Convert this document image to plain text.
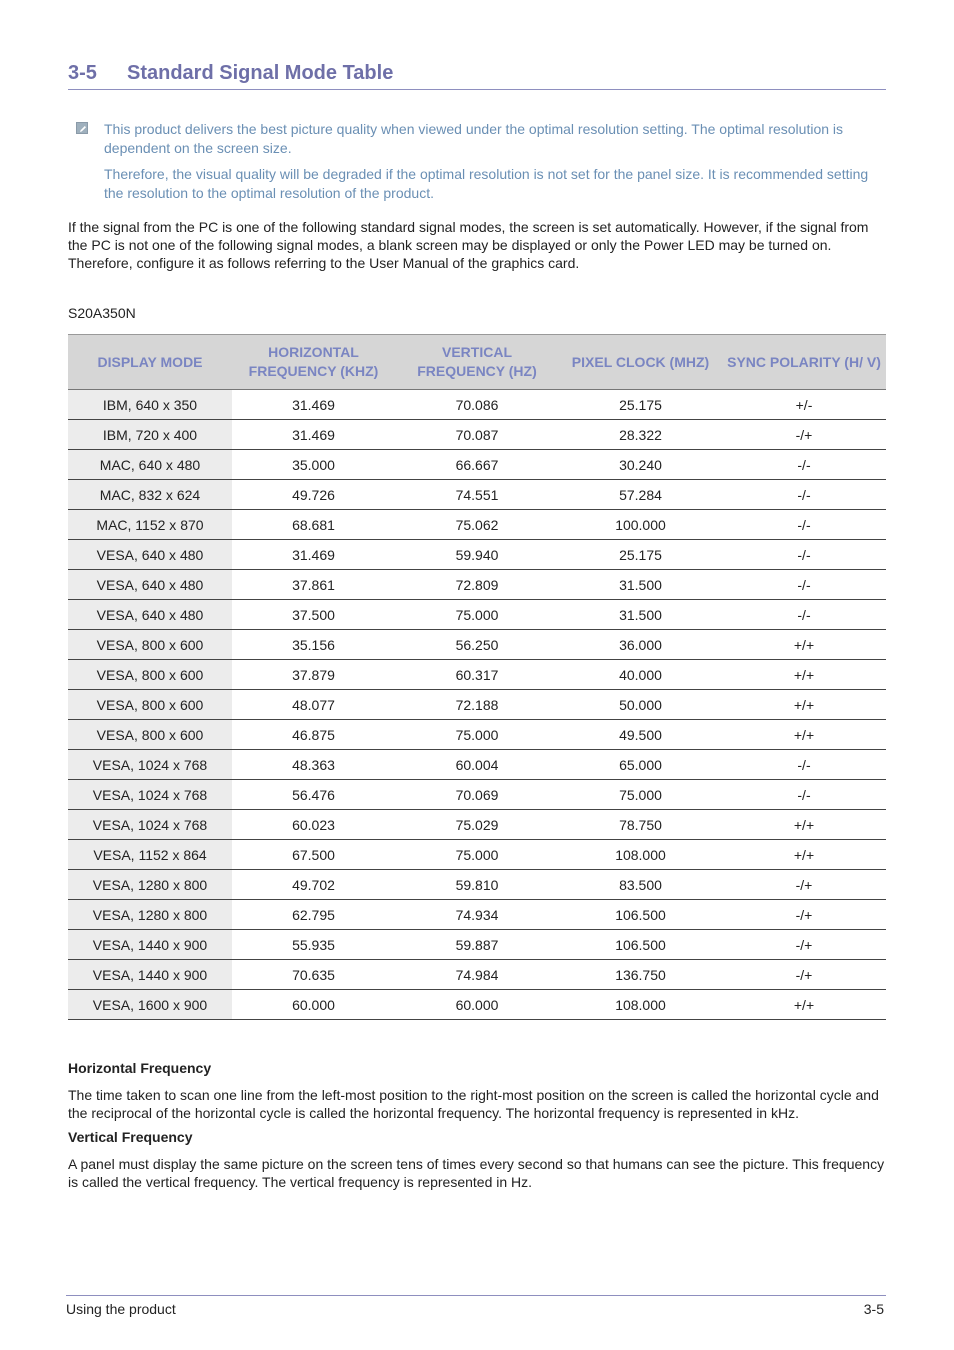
3-5 Standard Signal Mode Table
This product delivers the best picture quality when viewed under the optimal resolution setting. The optimal resolution is dependent on the screen size.
Therefore, the visual quality will be degraded if the optimal resolution is not set for the panel size. It is recommended setting the resolution to the optimal resolution of the product.
If the signal from the PC is one of the following standard signal modes, the screen is set automatically. However, if the signal from the PC is not one of the following signal modes, a blank screen may be displayed or only the Power LED may be turned on. Therefore, configure it as follows referring to the User Manual of the graphics card.
S20A350N
DISPLAY MODE	HORIZONTAL FREQUENCY (KHZ)	VERTICAL FREQUENCY (HZ)	PIXEL CLOCK (MHZ)	SYNC POLARITY (H/ V)
IBM, 640 x 350	31.469	70.086	25.175	+/-
IBM, 720 x 400	31.469	70.087	28.322	-/+
MAC, 640 x 480	35.000	66.667	30.240	-/-
MAC, 832 x 624	49.726	74.551	57.284	-/-
MAC, 1152 x 870	68.681	75.062	100.000	-/-
VESA, 640 x 480	31.469	59.940	25.175	-/-
VESA, 640 x 480	37.861	72.809	31.500	-/-
VESA, 640 x 480	37.500	75.000	31.500	-/-
VESA, 800 x 600	35.156	56.250	36.000	+/+
VESA, 800 x 600	37.879	60.317	40.000	+/+
VESA, 800 x 600	48.077	72.188	50.000	+/+
VESA, 800 x 600	46.875	75.000	49.500	+/+
VESA, 1024 x 768	48.363	60.004	65.000	-/-
VESA, 1024 x 768	56.476	70.069	75.000	-/-
VESA, 1024 x 768	60.023	75.029	78.750	+/+
VESA, 1152 x 864	67.500	75.000	108.000	+/+
VESA, 1280 x 800	49.702	59.810	83.500	-/+
VESA, 1280 x 800	62.795	74.934	106.500	-/+
VESA, 1440 x 900	55.935	59.887	106.500	-/+
VESA, 1440 x 900	70.635	74.984	136.750	-/+
VESA, 1600 x 900	60.000	60.000	108.000	+/+
Horizontal Frequency
The time taken to scan one line from the left-most position to the right-most position on the screen is called the horizontal cycle and the reciprocal of the horizontal cycle is called the horizontal frequency. The horizontal frequency is represented in kHz.
Vertical Frequency
A panel must display the same picture on the screen tens of times every second so that humans can see the picture. This frequency is called the vertical frequency. The vertical frequency is represented in Hz.
Using the product	3-5
